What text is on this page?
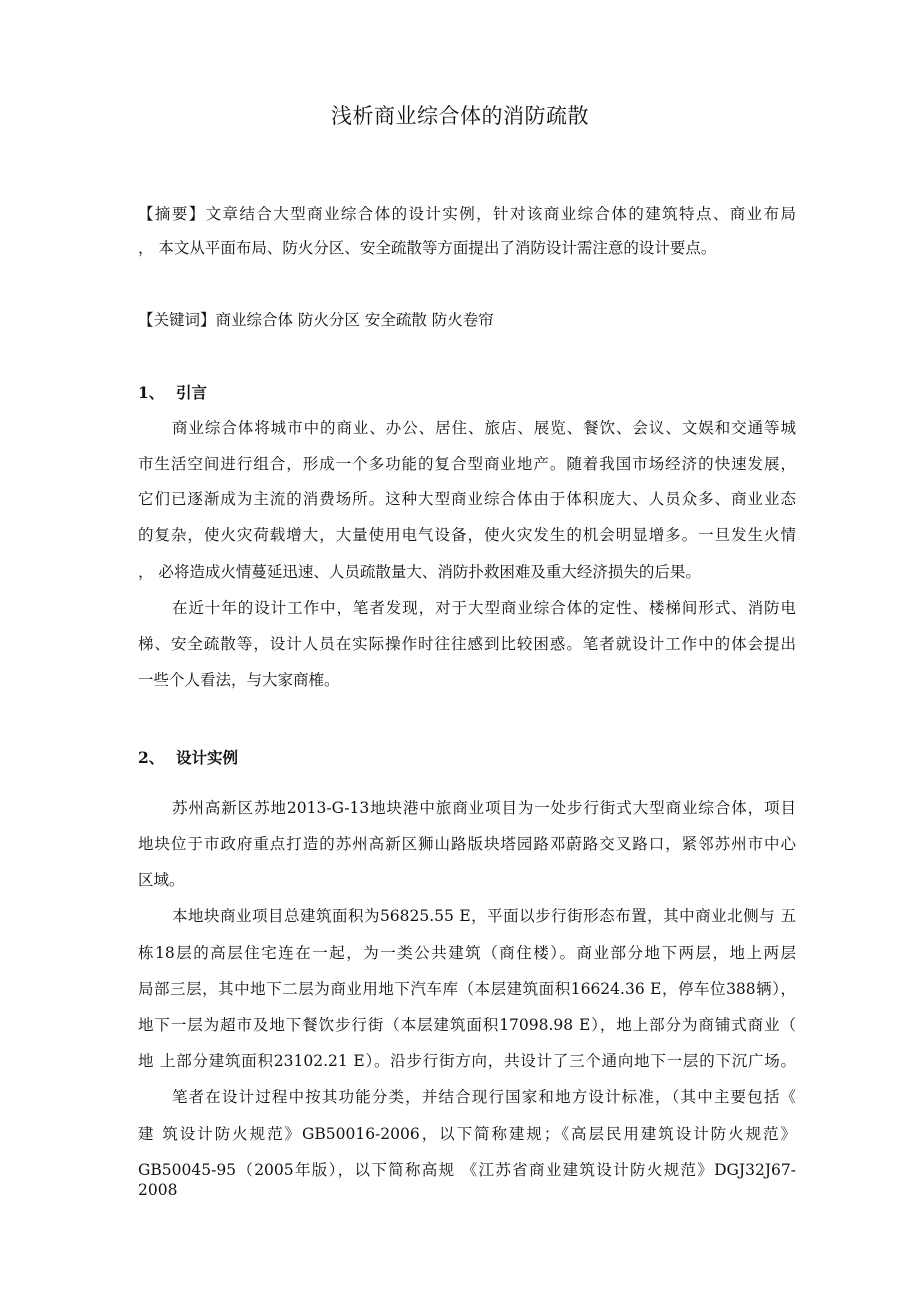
浅析商业综合体的消防疏散
【摘要】文章结合大型商业综合体的设计实例，针对该商业综合体的建筑特点、商业布局
， 本文从平面布局、防火分区、安全疏散等方面提出了消防设计需注意的设计要点。
【关键词】商业综合体 防火分区 安全疏散 防火卷帘
1、 引言
商业综合体将城市中的商业、办公、居住、旅店、展览、餐饮、会议、文娱和交通等城
市生活空间进行组合，形成一个多功能的复合型商业地产。随着我国市场经济的快速发展，
它们已逐渐成为主流的消费场所。这种大型商业综合体由于体积庞大、人员众多、商业业态
的复杂，使火灾荷载增大，大量使用电气设备，使火灾发生的机会明显增多。一旦发生火情
， 必将造成火情蔓延迅速、人员疏散量大、消防扑救困难及重大经济损失的后果。
在近十年的设计工作中，笔者发现，对于大型商业综合体的定性、楼梯间形式、消防电
梯、安全疏散等，设计人员在实际操作时往往感到比较困惑。笔者就设计工作中的体会提出
一些个人看法，与大家商榷。
2、 设计实例
苏州高新区苏地2013-G-13地块港中旅商业项目为一处步行街式大型商业综合体，项目
地块位于市政府重点打造的苏州高新区狮山路版块塔园路邓蔚路交叉路口，紧邻苏州市中心
区域。
本地块商业项目总建筑面积为56825.55 E，平面以步行街形态布置，其中商业北侧与 五
栋18层的高层住宅连在一起，为一类公共建筑（商住楼）。商业部分地下两层，地上两层
局部三层，其中地下二层为商业用地下汽车库（本层建筑面积16624.36 E，停车位388辆），
地下一层为超市及地下餐饮步行街（本层建筑面积17098.98 E），地上部分为商铺式商业（
地 上部分建筑面积23102.21 E）。沿步行街方向，共设计了三个通向地下一层的下沉广场。
笔者在设计过程中按其功能分类，并结合现行国家和地方设计标准，（其中主要包括《
建 筑设计防火规范》GB50016-2006，以下简称建规；《高层民用建筑设计防火规范》
GB50045-95（2005年版），以下简称高规 《江苏省商业建筑设计防火规范》DGJ32J67-2008
